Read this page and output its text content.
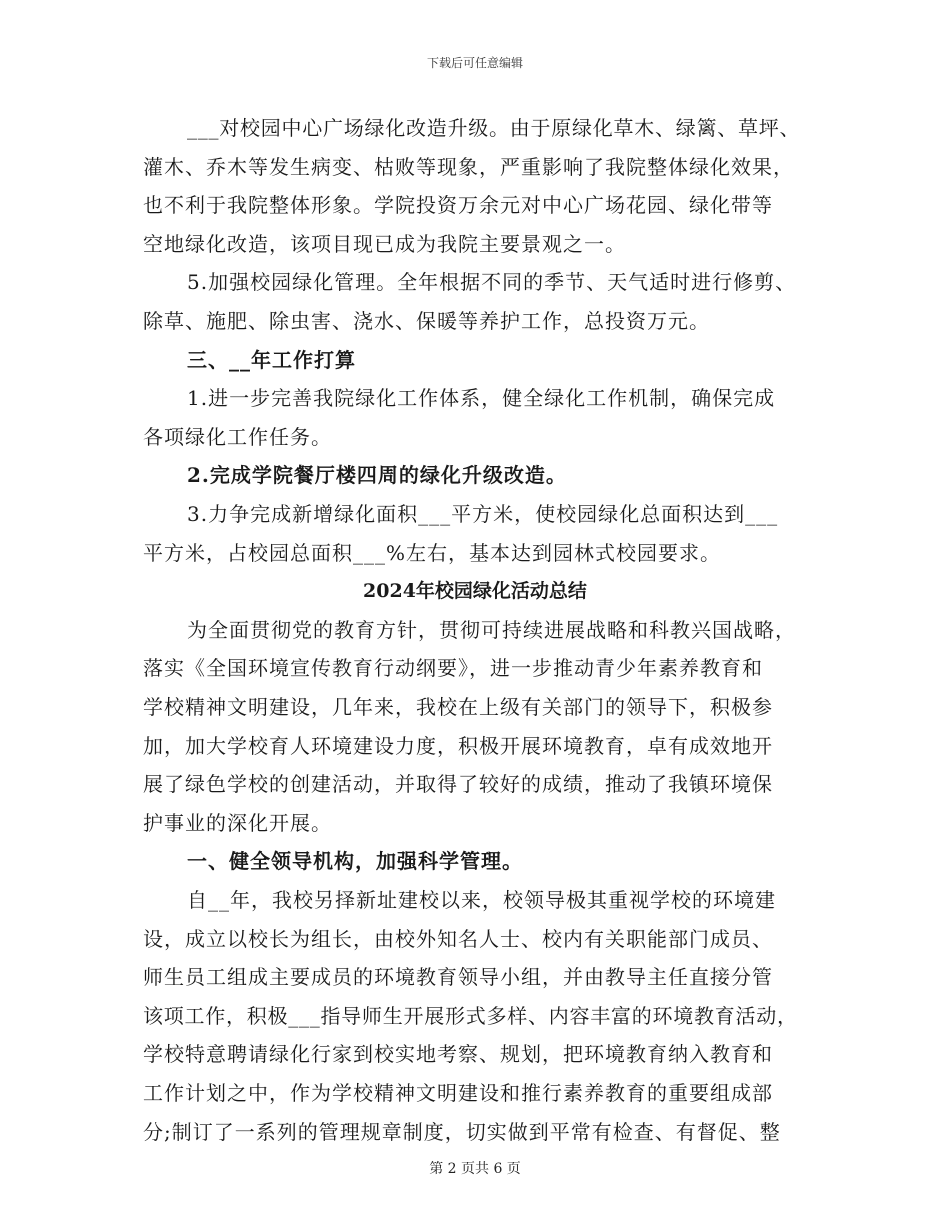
下载后可任意编辑
___对校园中心广场绿化改造升级。由于原绿化草木、绿篱、草坪、
灌木、乔木等发生病变、枯败等现象，严重影响了我院整体绿化效果，
也不利于我院整体形象。学院投资万余元对中心广场花园、绿化带等
空地绿化改造，该项目现已成为我院主要景观之一。
5.加强校园绿化管理。全年根据不同的季节、天气适时进行修剪、
除草、施肥、除虫害、浇水、保暖等养护工作，总投资万元。
三、__年工作打算
1.进一步完善我院绿化工作体系，健全绿化工作机制，确保完成
各项绿化工作任务。
2.完成学院餐厅楼四周的绿化升级改造。
3.力争完成新增绿化面积___平方米，使校园绿化总面积达到___
平方米，占校园总面积___%左右，基本达到园林式校园要求。
2024年校园绿化活动总结
为全面贯彻党的教育方针，贯彻可持续进展战略和科教兴国战略，
落实《全国环境宣传教育行动纲要》，进一步推动青少年素养教育和
学校精神文明建设，几年来，我校在上级有关部门的领导下，积极参
加，加大学校育人环境建设力度，积极开展环境教育，卓有成效地开
展了绿色学校的创建活动，并取得了较好的成绩，推动了我镇环境保
护事业的深化开展。
一、健全领导机构，加强科学管理。
自__年，我校另择新址建校以来，校领导极其重视学校的环境建
设，成立以校长为组长，由校外知名人士、校内有关职能部门成员、
师生员工组成主要成员的环境教育领导小组，并由教导主任直接分管
该项工作，积极___指导师生开展形式多样、内容丰富的环境教育活动，
学校特意聘请绿化行家到校实地考察、规划，把环境教育纳入教育和
工作计划之中，作为学校精神文明建设和推行素养教育的重要组成部
分;制订了一系列的管理规章制度，切实做到平常有检查、有督促、整
第 2 页共 6 页
